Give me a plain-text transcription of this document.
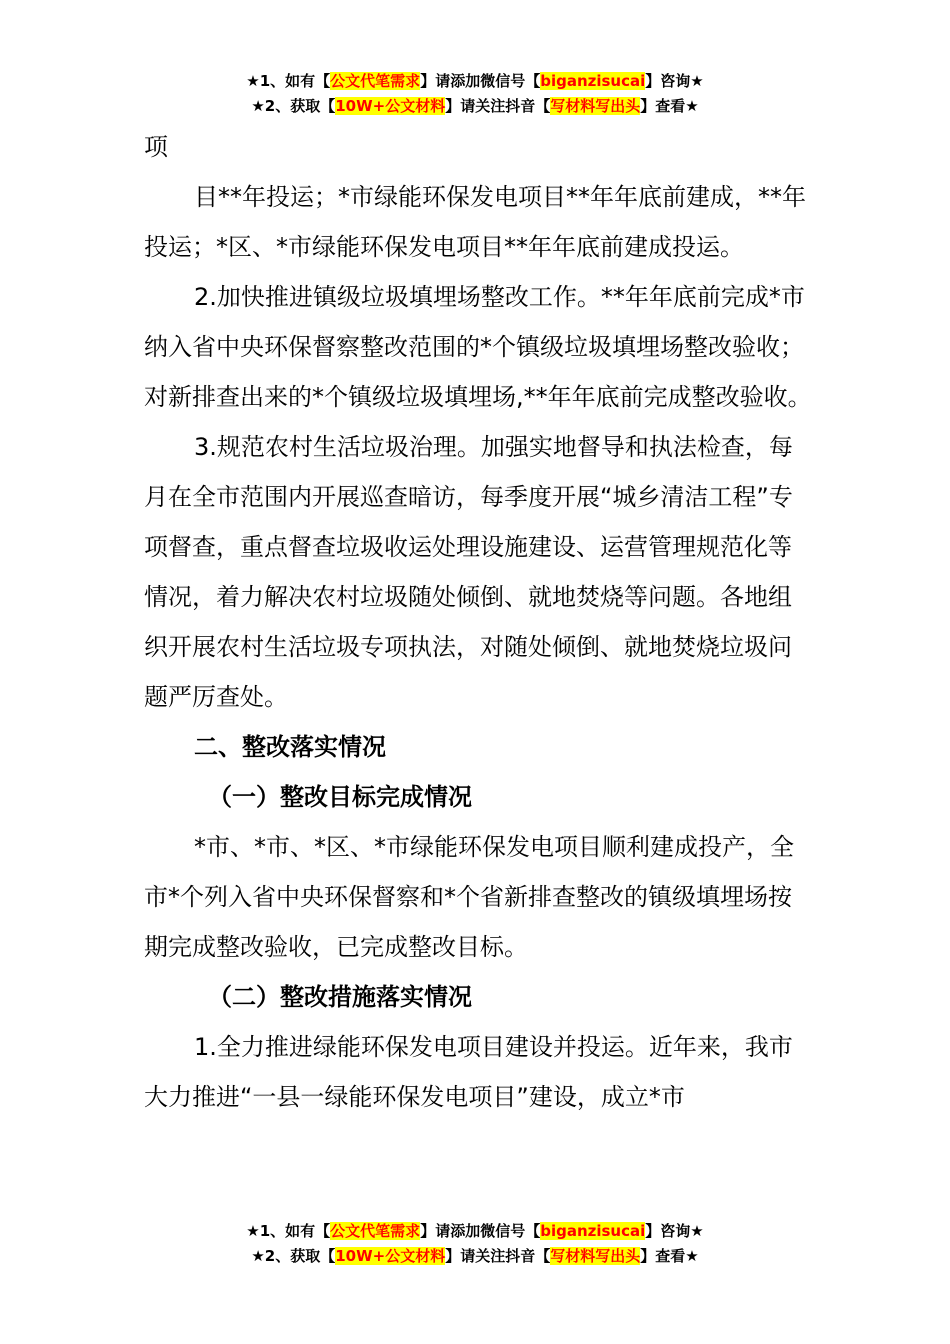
★1、如有【公文代笔需求】请添加微信号【biganzisucai】咨询★
★2、获取【10W+公文材料】请关注抖音【写材料写出头】查看★

项

目**年投运；*市绿能环保发电项目**年年底前建成，**年投运；*区、*市绿能环保发电项目**年年底前建成投运。

2.加快推进镇级垃圾填埋场整改工作。**年年底前完成*市纳入省中央环保督察整改范围的*个镇级垃圾填埋场整改验收；对新排查出来的*个镇级垃圾填埋场,**年年底前完成整改验收。

3.规范农村生活垃圾治理。加强实地督导和执法检查，每月在全市范围内开展巡查暗访，每季度开展“城乡清洁工程”专项督查，重点督查垃圾收运处理设施建设、运营管理规范化等情况，着力解决农村垃圾随处倾倒、就地焚烧等问题。各地组织开展农村生活垃圾专项执法，对随处倾倒、就地焚烧垃圾问题严厉查处。

二、整改落实情况

（一）整改目标完成情况

*市、*市、*区、*市绿能环保发电项目顺利建成投产，全市*个列入省中央环保督察和*个省新排查整改的镇级填埋场按期完成整改验收，已完成整改目标。

（二）整改措施落实情况

1.全力推进绿能环保发电项目建设并投运。近年来，我市大力推进“一县一绿能环保发电项目”建设，成立*市

★1、如有【公文代笔需求】请添加微信号【biganzisucai】咨询★
★2、获取【10W+公文材料】请关注抖音【写材料写出头】查看★
